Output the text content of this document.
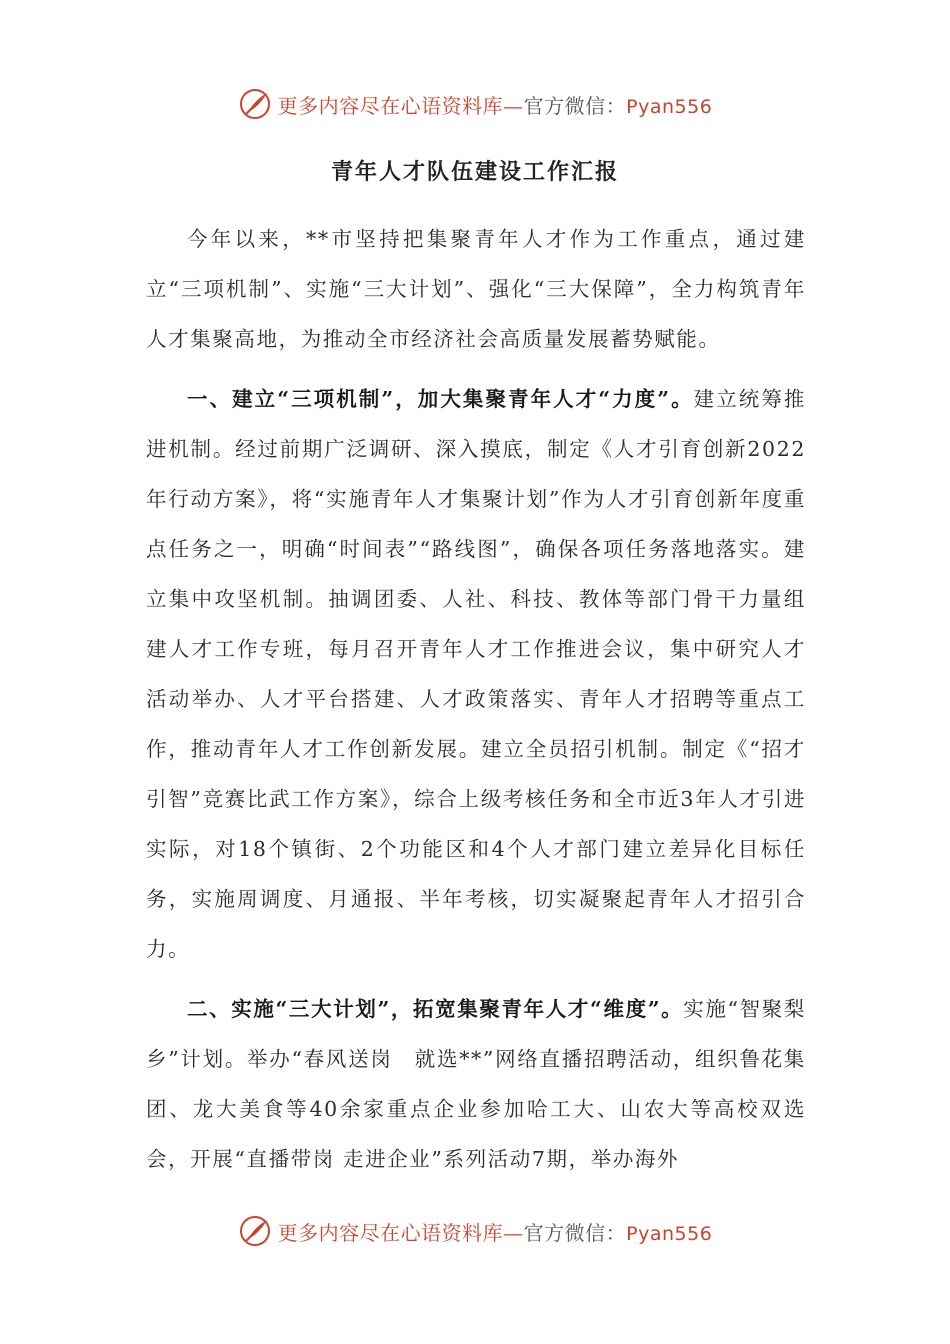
更多内容尽在心语资料库—官方微信：Pyan556
青年人才队伍建设工作汇报

今年以来，**市坚持把集聚青年人才作为工作重点，通过建立“三项机制”、实施“三大计划”、强化“三大保障”，全力构筑青年人才集聚高地，为推动全市经济社会高质量发展蓄势赋能。

一、建立“三项机制”，加大集聚青年人才“力度”。建立统筹推进机制。经过前期广泛调研、深入摸底，制定《人才引育创新2022年行动方案》，将“实施青年人才集聚计划”作为人才引育创新年度重点任务之一，明确“时间表”“路线图”，确保各项任务落地落实。建立集中攻坚机制。抽调团委、人社、科技、教体等部门骨干力量组建人才工作专班，每月召开青年人才工作推进会议，集中研究人才活动举办、人才平台搭建、人才政策落实、青年人才招聘等重点工作，推动青年人才工作创新发展。建立全员招引机制。制定《“招才引智”竞赛比武工作方案》，综合上级考核任务和全市近3年人才引进实际，对18个镇街、2个功能区和4个人才部门建立差异化目标任务，实施周调度、月通报、半年考核，切实凝聚起青年人才招引合力。

二、实施“三大计划”，拓宽集聚青年人才“维度”。实施“智聚梨乡”计划。举办“春风送岗　就选**”网络直播招聘活动，组织鲁花集团、龙大美食等40余家重点企业参加哈工大、山农大等高校双选会，开展“直播带岗 走进企业”系列活动7期，举办海外

更多内容尽在心语资料库—官方微信：Pyan556
